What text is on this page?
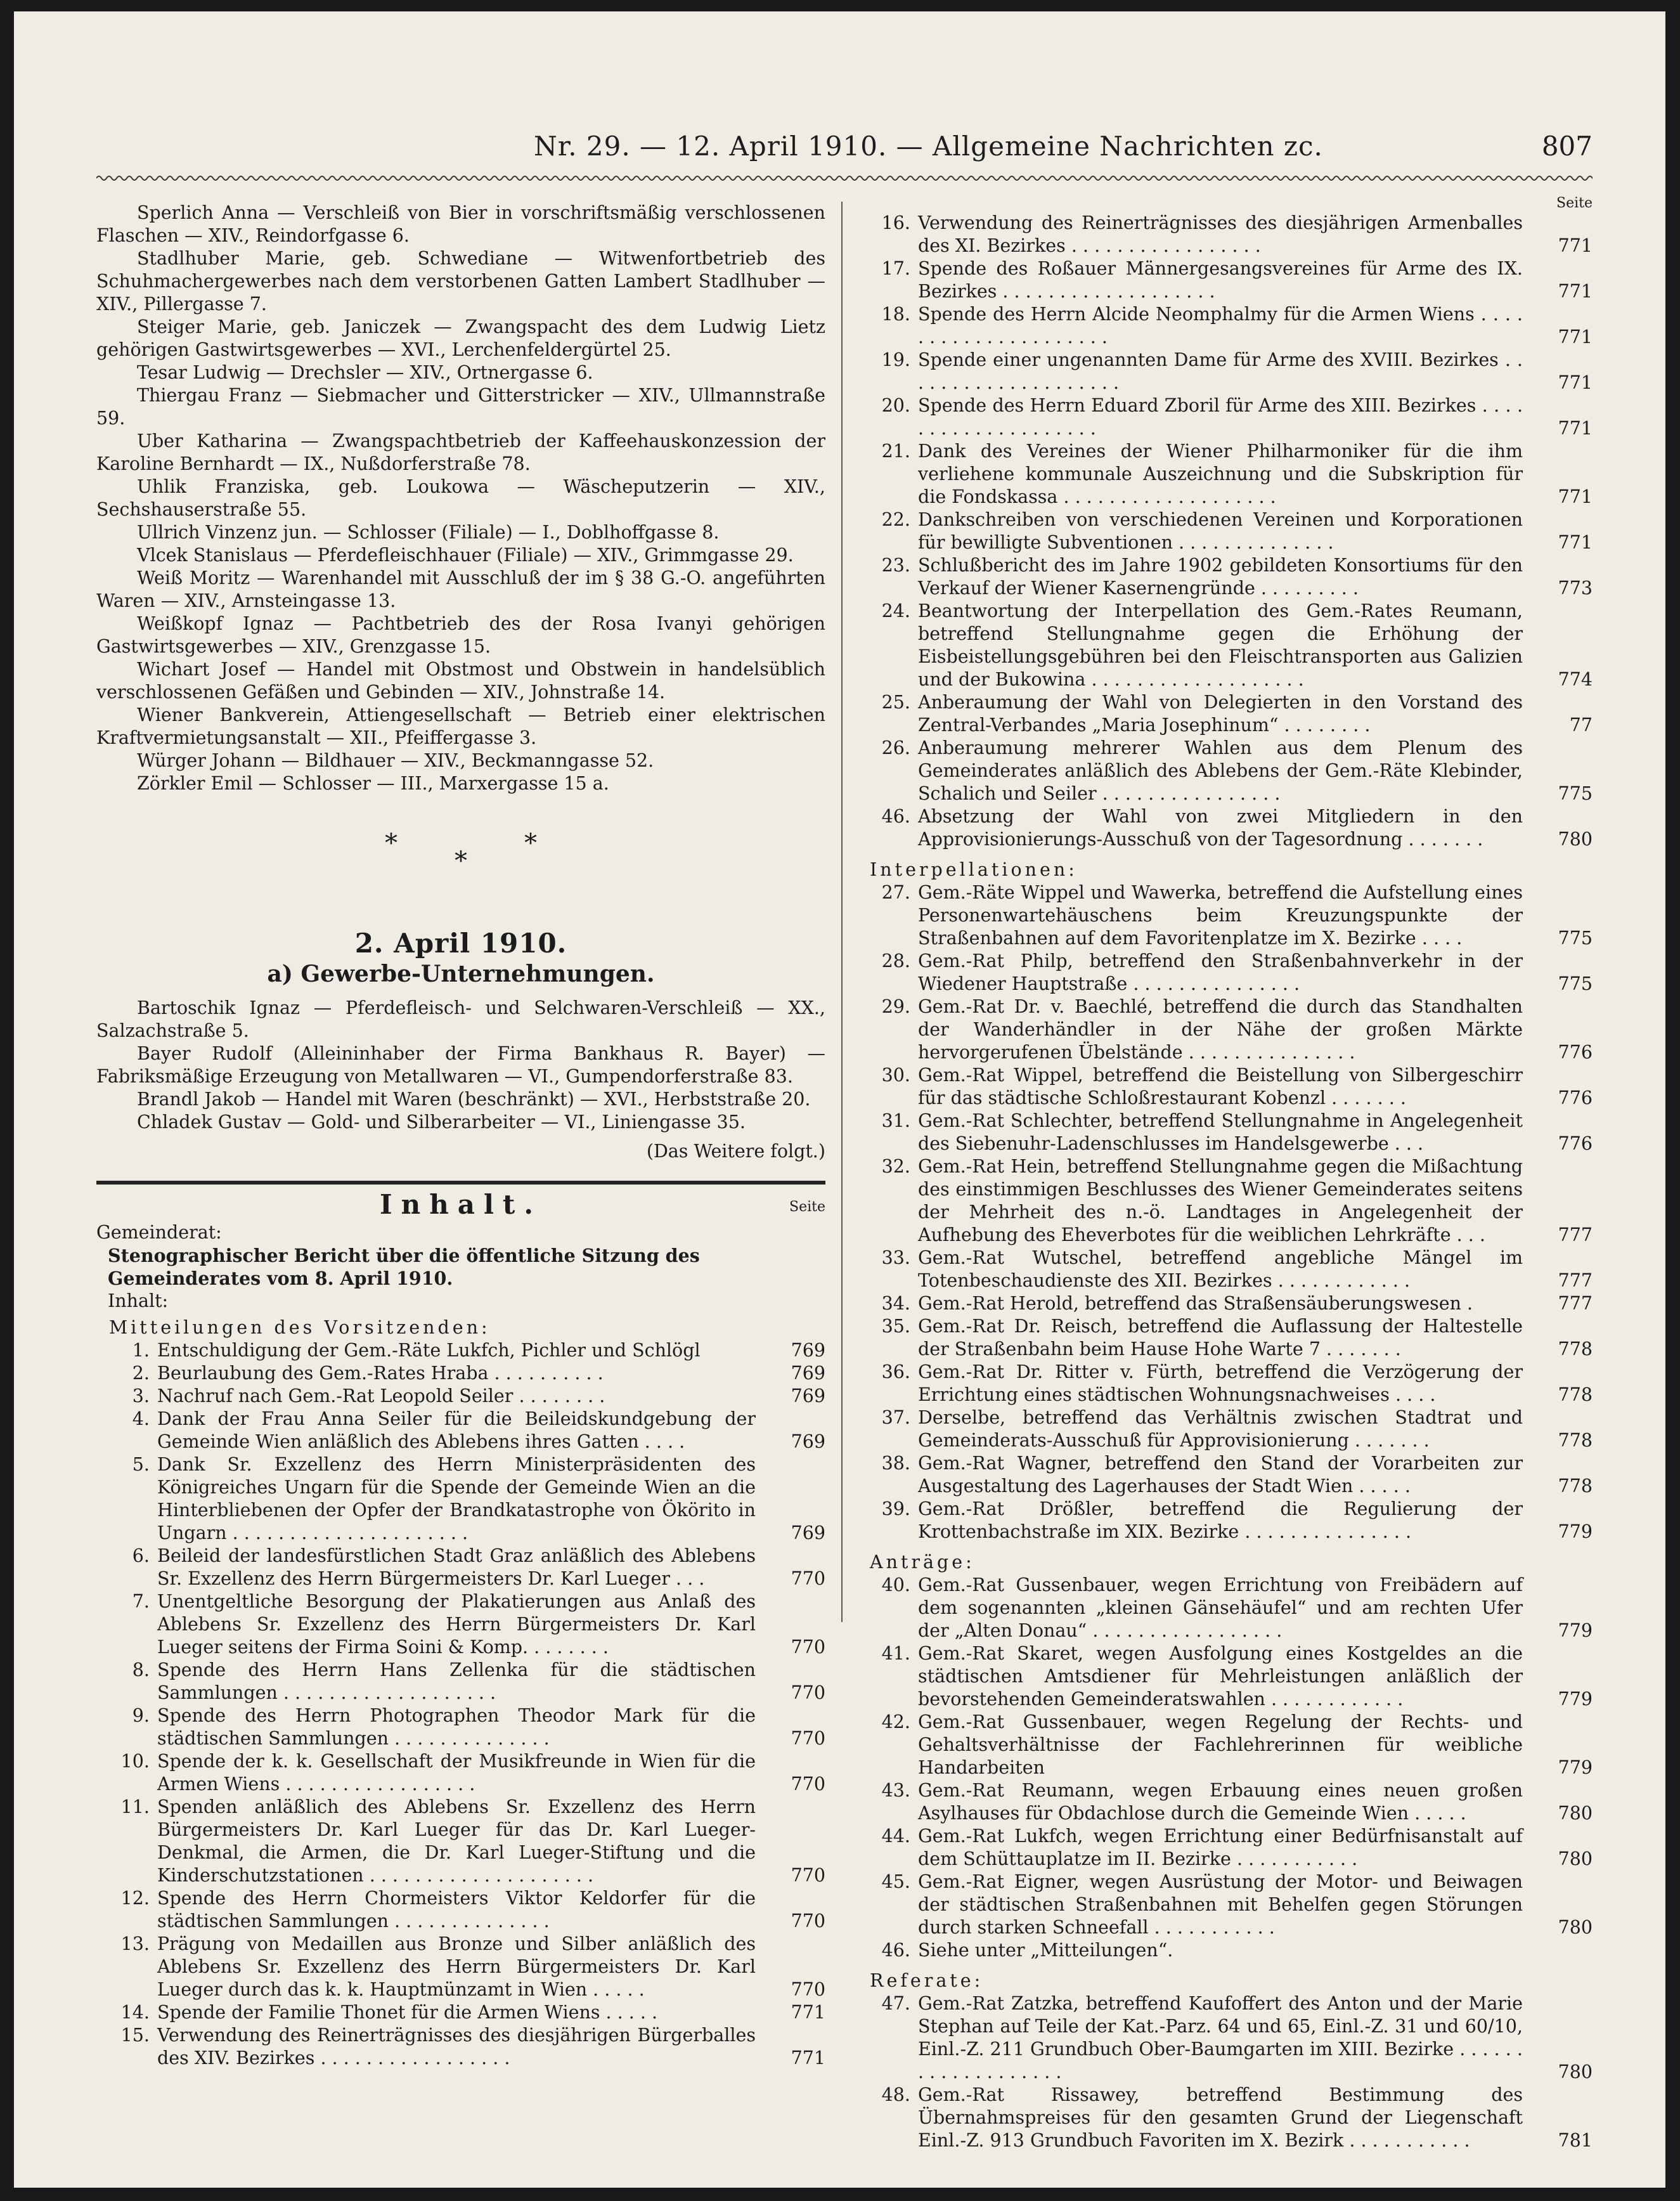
Nr. 29. — 12. April 1910. — Allgemeine Nachrichten zc.	807

Sperlich Anna — Verschleiß von Bier in vorschriftsmäßig verschlossenen Flaschen — XIV., Reindorfgasse 6.

Stadlhuber Marie, geb. Schwediane — Witwenfortbetrieb des Schuhmachergewerbes nach dem verstorbenen Gatten Lambert Stadlhuber — XIV., Pillergasse 7.

Steiger Marie, geb. Janiczek — Zwangspacht des dem Ludwig Lietz gehörigen Gastwirtsgewerbes — XVI., Lerchenfeldergürtel 25.

Tesar Ludwig — Drechsler — XIV., Ortnergasse 6.

Thiergau Franz — Siebmacher und Gitterstricker — XIV., Ullmannstraße 59.

Uber Katharina — Zwangspachtbetrieb der Kaffeehauskonzession der Karoline Bernhardt — IX., Nußdorferstraße 78.

Uhlik Franziska, geb. Loukowa — Wäscheputzerin — XIV., Sechshauserstraße 55.

Ullrich Vinzenz jun. — Schlosser (Filiale) — I., Doblhoffgasse 8.

Vlcek Stanislaus — Pferdefleischhauer (Filiale) — XIV., Grimmgasse 29.

Weiß Moritz — Warenhandel mit Ausschluß der im § 38 G.-O. angeführten Waren — XIV., Arnsteingasse 13.

Weißkopf Ignaz — Pachtbetrieb des der Rosa Ivanyi gehörigen Gastwirtsgewerbes — XIV., Grenzgasse 15.

Wichart Josef — Handel mit Obstmost und Obstwein in handelsüblich verschlossenen Gefäßen und Gebinden — XIV., Johnstraße 14.

Wiener Bankverein, Attiengesellschaft — Betrieb einer elektrischen Kraftvermietungsanstalt — XII., Pfeiffergasse 3.

Würger Johann — Bildhauer — XIV., Beckmanngasse 52.

Zörkler Emil — Schlosser — III., Marxergasse 15 a.

*
*
*
2. April 1910.
a) Gewerbe-Unternehmungen.

Bartoschik Ignaz — Pferdefleisch- und Selchwaren-Verschleiß — XX., Salzachstraße 5.

Bayer Rudolf (Alleininhaber der Firma Bankhaus R. Bayer) — Fabriksmäßige Erzeugung von Metallwaren — VI., Gumpendorferstraße 83.

Brandl Jakob — Handel mit Waren (beschränkt) — XVI., Herbststraße 20.

Chladek Gustav — Gold- und Silberarbeiter — VI., Liniengasse 35.

(Das Weitere folgt.)

Inhalt.	Seite

Gemeinderat:

Stenographischer Bericht über die öffentliche Sitzung des Gemeinderates vom 8. April 1910.

Inhalt:

Mitteilungen des Vorsitzenden:

1. Entschuldigung der Gem.-Räte Lukfch, Pichler und Schlögl	769
2. Beurlaubung des Gem.-Rates Hraba . . . . . . . . . .	769
3. Nachruf nach Gem.-Rat Leopold Seiler . . . . . . . .	769
4. Dank der Frau Anna Seiler für die Beileidskundgebung der Gemeinde Wien anläßlich des Ablebens ihres Gatten . . . .	769
5. Dank Sr. Exzellenz des Herrn Ministerpräsidenten des Königreiches Ungarn für die Spende der Gemeinde Wien an die Hinterbliebenen der Opfer der Brandkatastrophe von Ökörito in Ungarn . . . . . . . . . . . . . . . . . . . . .	769
6. Beileid der landesfürstlichen Stadt Graz anläßlich des Ablebens Sr. Exzellenz des Herrn Bürgermeisters Dr. Karl Lueger . . .	770
7. Unentgeltliche Besorgung der Plakatierungen aus Anlaß des Ablebens Sr. Exzellenz des Herrn Bürgermeisters Dr. Karl Lueger seitens der Firma Soini & Komp. . . . . . . .	770
8. Spende des Herrn Hans Zellenka für die städtischen Sammlungen . . . . . . . . . . . . . . . . . . .	770
9. Spende des Herrn Photographen Theodor Mark für die städtischen Sammlungen . . . . . . . . . . . . . .	770
10. Spende der k. k. Gesellschaft der Musikfreunde in Wien für die Armen Wiens . . . . . . . . . . . . . . . . .	770
11. Spenden anläßlich des Ablebens Sr. Exzellenz des Herrn Bürgermeisters Dr. Karl Lueger für das Dr. Karl Lueger-Denkmal, die Armen, die Dr. Karl Lueger-Stiftung und die Kinderschutzstationen . . . . . . . . . . . . . . . . . . . .	770
12. Spende des Herrn Chormeisters Viktor Keldorfer für die städtischen Sammlungen . . . . . . . . . . . . . .	770
13. Prägung von Medaillen aus Bronze und Silber anläßlich des Ablebens Sr. Exzellenz des Herrn Bürgermeisters Dr. Karl Lueger durch das k. k. Hauptmünzamt in Wien . . . . .	770
14. Spende der Familie Thonet für die Armen Wiens . . . . .	771
15. Verwendung des Reinerträgnisses des diesjährigen Bürgerballes des XIV. Bezirkes . . . . . . . . . . . . . . . . .	771
Seite
16. Verwendung des Reinerträgnisses des diesjährigen Armenballes des XI. Bezirkes . . . . . . . . . . . . . . . . .	771
17. Spende des Roßauer Männergesangsvereines für Arme des IX. Bezirkes . . . . . . . . . . . . . . . . . . .	771
18. Spende des Herrn Alcide Neomphalmy für die Armen Wiens . . . . . . . . . . . . . . . . . . . . .	771
19. Spende einer ungenannten Dame für Arme des XVIII. Bezirkes . . . . . . . . . . . . . . . . . . . .	771
20. Spende des Herrn Eduard Zboril für Arme des XIII. Bezirkes . . . . . . . . . . . . . . . . . . . .	771
21. Dank des Vereines der Wiener Philharmoniker für die ihm verliehene kommunale Auszeichnung und die Subskription für die Fondskassa . . . . . . . . . . . . . . . . . . .	771
22. Dankschreiben von verschiedenen Vereinen und Korporationen für bewilligte Subventionen . . . . . . . . . . . . . .	771
23. Schlußbericht des im Jahre 1902 gebildeten Konsortiums für den Verkauf der Wiener Kasernengründe . . . . . . . . .	773
24. Beantwortung der Interpellation des Gem.-Rates Reumann, betreffend Stellungnahme gegen die Erhöhung der Eisbeistellungsgebühren bei den Fleischtransporten aus Galizien und der Bukowina . . . . . . . . . . . . . . . . . . .	774
25. Anberaumung der Wahl von Delegierten in den Vorstand des Zentral-Verbandes „Maria Josephinum“ . . . . . . . .	77
26. Anberaumung mehrerer Wahlen aus dem Plenum des Gemeinderates anläßlich des Ablebens der Gem.-Räte Klebinder, Schalich und Seiler . . . . . . . . . . . . . . . .	775
46. Absetzung der Wahl von zwei Mitgliedern in den Approvisionierungs-Ausschuß von der Tagesordnung . . . . . . .	780

Interpellationen:

27. Gem.-Räte Wippel und Wawerka, betreffend die Aufstellung eines Personenwartehäuschens beim Kreuzungspunkte der Straßenbahnen auf dem Favoritenplatze im X. Bezirke . . . .	775
28. Gem.-Rat Philp, betreffend den Straßenbahnverkehr in der Wiedener Hauptstraße . . . . . . . . . . . . . . .	775
29. Gem.-Rat Dr. v. Baechlé, betreffend die durch das Standhalten der Wanderhändler in der Nähe der großen Märkte hervorgerufenen Übelstände . . . . . . . . . . . . . . .	776
30. Gem.-Rat Wippel, betreffend die Beistellung von Silbergeschirr für das städtische Schloßrestaurant Kobenzl . . . . . . .	776
31. Gem.-Rat Schlechter, betreffend Stellungnahme in Angelegenheit des Siebenuhr-Ladenschlusses im Handelsgewerbe . . .	776
32. Gem.-Rat Hein, betreffend Stellungnahme gegen die Mißachtung des einstimmigen Beschlusses des Wiener Gemeinderates seitens der Mehrheit des n.-ö. Landtages in Angelegenheit der Aufhebung des Eheverbotes für die weiblichen Lehrkräfte . . .	777
33. Gem.-Rat Wutschel, betreffend angebliche Mängel im Totenbeschaudienste des XII. Bezirkes . . . . . . . . . . . .	777
34. Gem.-Rat Herold, betreffend das Straßensäuberungswesen .	777
35. Gem.-Rat Dr. Reisch, betreffend die Auflassung der Haltestelle der Straßenbahn beim Hause Hohe Warte 7 . . . . . . .	778
36. Gem.-Rat Dr. Ritter v. Fürth, betreffend die Verzögerung der Errichtung eines städtischen Wohnungsnachweises . . . .	778
37. Derselbe, betreffend das Verhältnis zwischen Stadtrat und Gemeinderats-Ausschuß für Approvisionierung . . . . . . .	778
38. Gem.-Rat Wagner, betreffend den Stand der Vorarbeiten zur Ausgestaltung des Lagerhauses der Stadt Wien . . . . .	778
39. Gem.-Rat Drößler, betreffend die Regulierung der Krottenbachstraße im XIX. Bezirke . . . . . . . . . . . . . . .	779

Anträge:

40. Gem.-Rat Gussenbauer, wegen Errichtung von Freibädern auf dem sogenannten „kleinen Gänsehäufel“ und am rechten Ufer der „Alten Donau“ . . . . . . . . . . . . . . . . .	779
41. Gem.-Rat Skaret, wegen Ausfolgung eines Kostgeldes an die städtischen Amtsdiener für Mehrleistungen anläßlich der bevorstehenden Gemeinderatswahlen . . . . . . . . . . . .	779
42. Gem.-Rat Gussenbauer, wegen Regelung der Rechts- und Gehaltsverhältnisse der Fachlehrerinnen für weibliche Handarbeiten	779
43. Gem.-Rat Reumann, wegen Erbauung eines neuen großen Asylhauses für Obdachlose durch die Gemeinde Wien . . . . .	780
44. Gem.-Rat Lukfch, wegen Errichtung einer Bedürfnisanstalt auf dem Schüttauplatze im II. Bezirke . . . . . . . . . . .	780
45. Gem.-Rat Eigner, wegen Ausrüstung der Motor- und Beiwagen der städtischen Straßenbahnen mit Behelfen gegen Störungen durch starken Schneefall . . . . . . . . . . .	780
46. Siehe unter „Mitteilungen“.

Referate:

47. Gem.-Rat Zatzka, betreffend Kaufoffert des Anton und der Marie Stephan auf Teile der Kat.-Parz. 64 und 65, Einl.-Z. 31 und 60/10, Einl.-Z. 211 Grundbuch Ober-Baumgarten im XIII. Bezirke . . . . . . . . . . . . . . . . . . .	780
48. Gem.-Rat Rissawey, betreffend Bestimmung des Übernahmspreises für den gesamten Grund der Liegenschaft Einl.-Z. 913 Grundbuch Favoriten im X. Bezirk . . . . . . . . . . .	781
